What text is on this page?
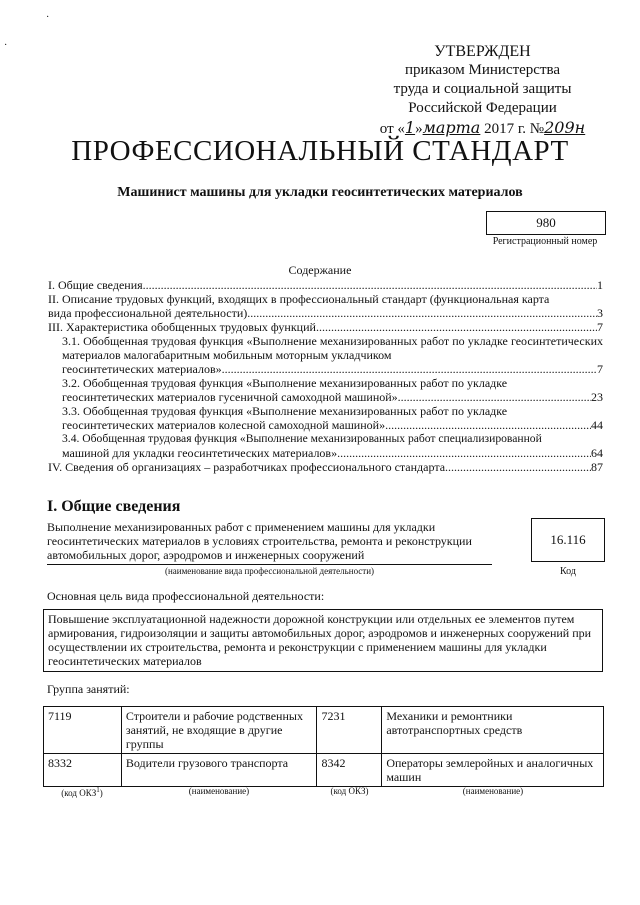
·
·	УТВЕРЖДЕН
приказом Министерства
труда и социальной защиты
Российской Федерации
от «1»марта 2017 г. №209н
ПРОФЕССИОНАЛЬНЫЙ СТАНДАРТ
Машинист машины для укладки геосинтетических материалов
980
Регистрационный номер
Содержание
I. Общие сведения .....	1
II. Описание трудовых функций, входящих в профессиональный стандарт (функциональная карта
вида профессиональной деятельности) .....	3
III. Характеристика обобщенных трудовых функций .....	7
3.1. Обобщенная трудовая функция «Выполнение механизированных работ по укладке геосинтетических материалов малогабаритным мобильным моторным укладчиком
геосинтетических материалов» .....	7
3.2. Обобщенная трудовая функция «Выполнение механизированных работ по укладке
геосинтетических материалов гусеничной самоходной машиной» .....	23
3.3. Обобщенная трудовая функция «Выполнение механизированных работ по укладке
геосинтетических материалов колесной самоходной машиной» .....	44
3.4. Обобщенная трудовая функция «Выполнение механизированных работ специализированной
машиной для укладки геосинтетических материалов» .....	64
IV. Сведения об организациях – разработчиках профессионального стандарта .....	87
I. Общие сведения
Выполнение механизированных работ с применением машины для укладки геосинтетических материалов в условиях строительства, ремонта и реконструкции автомобильных дорог, аэродромов и инженерных сооружений
(наименование вида профессиональной деятельности)
16.116
Код
Основная цель вида профессиональной деятельности:
Повышение эксплуатационной надежности дорожной конструкции или отдельных ее элементов путем армирования, гидроизоляции и защиты автомобильных дорог, аэродромов и инженерных сооружений при осуществлении их строительства, ремонта и реконструкции с применением машины для укладки геосинтетических материалов
Группа занятий:
7119	Строители и рабочие родственных занятий, не входящие в другие группы	7231	Механики и ремонтники автотранспортных средств
8332	Водители грузового транспорта	8342	Операторы землеройных и аналогичных машин
(код ОКЗ$^1$)	(наименование)	(код ОКЗ)	(наименование)
